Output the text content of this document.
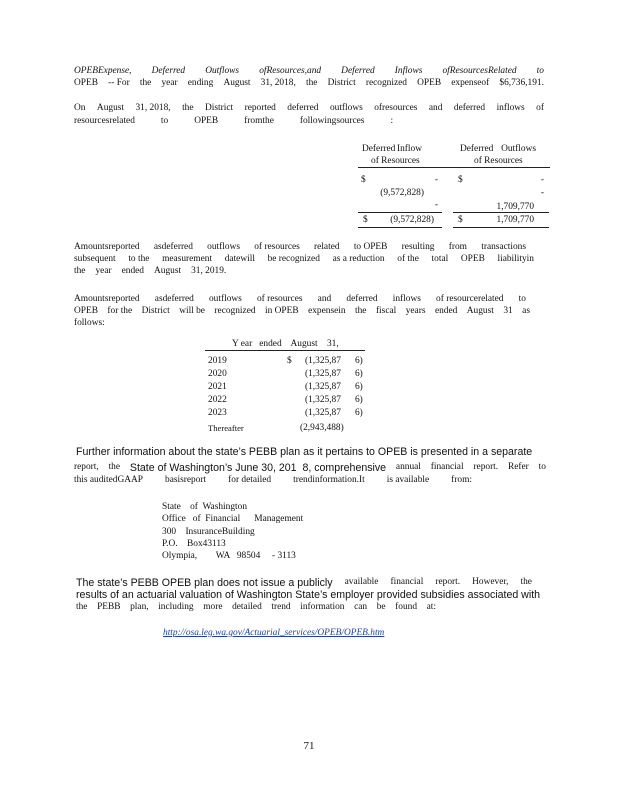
OPEBExpense, Deferred Outflows ofResources,and Deferred Inflows ofResourcesRelated to
OPEB -- For the year ending August 31, 2018, the District recognized OPEB expenseof $6,736,191.
On August 31, 2018, the District reported deferred outflows ofresources and deferred inflows of
resourcesrelated	to	OPEB	fromthe	followingsources	:
Deferred Inflow
of Resources
Deferred Outflows
of Resources
$	- $	-
(9,572,828)	-
-	1,709,770
$	(9,572,828)	$	1,709,770
Amountsreported asdeferred outflows of resources related to OPEB resulting from transactions
subsequent to the measurement datewill be recognized as a reduction of the total OPEB liabilityin
the year ended August 31, 2019.
Amountsreported asdeferred outflows of resources and deferred inflows of resourcerelated to
OPEB for the District will be recognized in OPEB expensein the fiscal years ended August 31 as
follows:
Y ear   ended    August    31,
2019	$ (1,325,87      6)
2020	(1,325,87      6)
2021	(1,325,87      6)
2022	(1,325,87      6)
2023	(1,325,87      6)
Thereafter	(2,943,488)
Further information about the state’s PEBB plan as it pertains to OPEB is presented in a separate
report, the State of Washington’s June 30, 201  8, comprehensive annual financial report. Refer to
this auditedGAAP basisreport for detailed trendinformation.It is available from:
State    of  Washington
Office   of  Financial      Management
300    InsuranceBuilding
P.O.    Box43113
Olympia,        WA   98504     - 3113
The state’s PEBB OPEB plan does not issue a publicly available financial report. However, the
results of an actuarial valuation of Washington State’s employer provided subsidies associated with
the PEBB plan, including more detailed trend information can be found at:
http://osa.leg.wa.gov/Actuarial_services/OPEB/OPEB.htm
71
